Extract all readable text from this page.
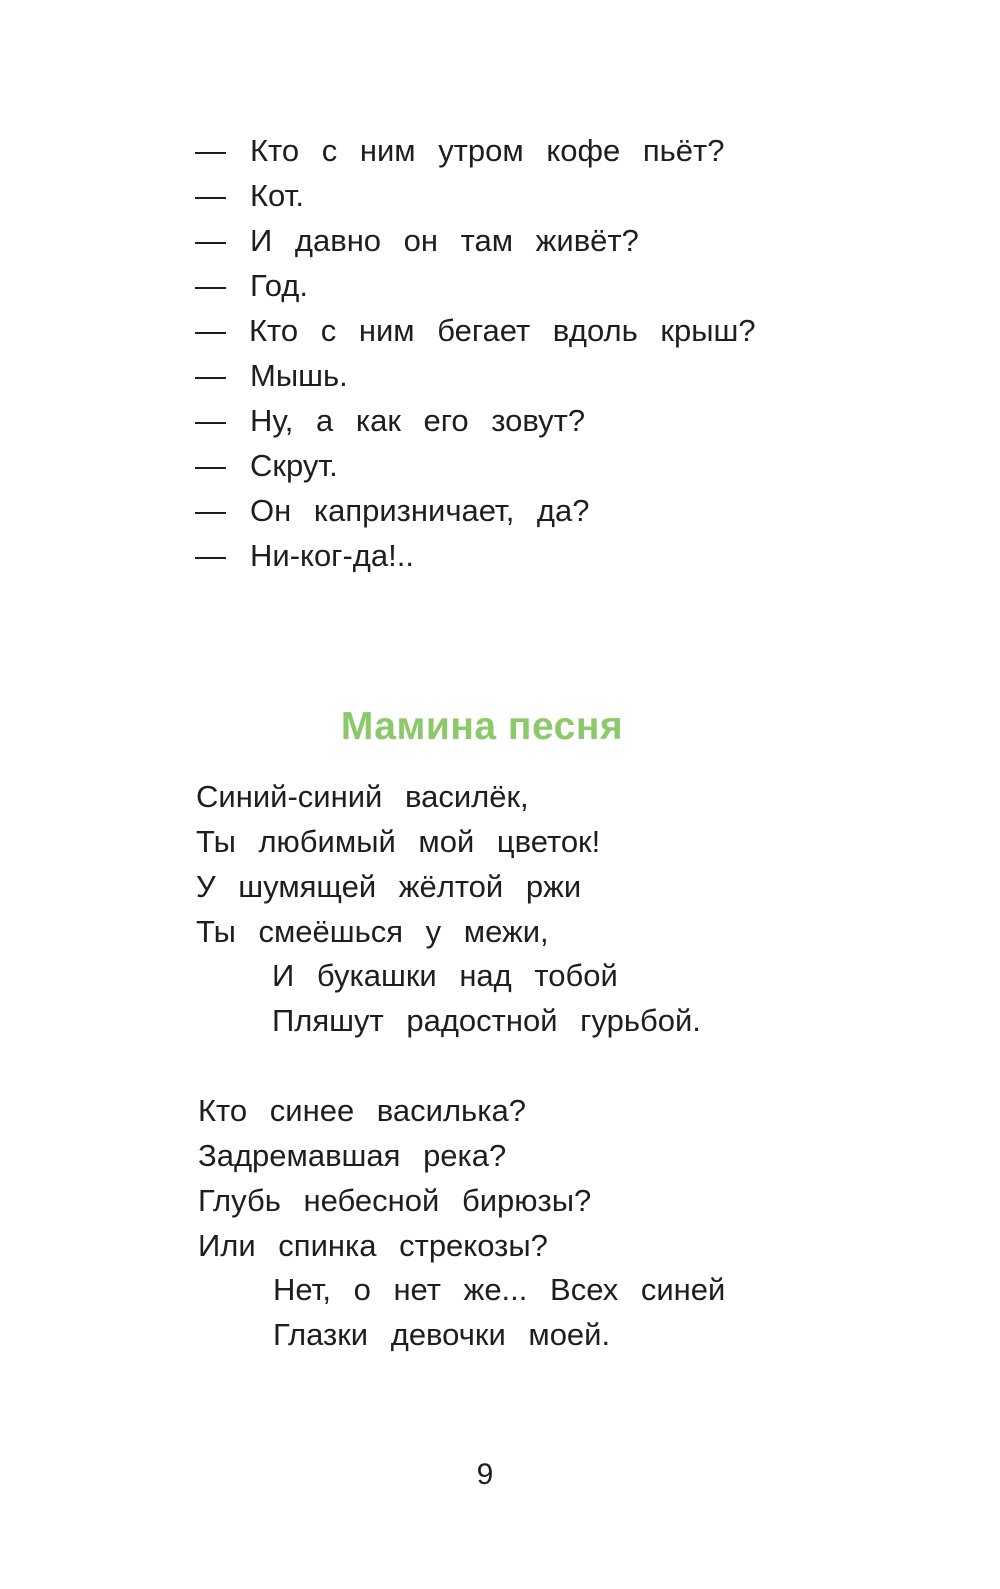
— Кто с ним утром кофе пьёт?
— Кот.
— И давно он там живёт?
— Год.
— Кто с ним бегает вдоль крыш?
— Мышь.
— Ну, а как его зовут?
— Скрут.
— Он капризничает, да?
— Ни-ког-да!..
Мамина песня
Синий-синий василёк,
Ты любимый мой цветок!
У шумящей жёлтой ржи
Ты смеёшься у межи,
И букашки над тобой
Пляшут радостной гурьбой.
Кто синее василька?
Задремавшая река?
Глубь небесной бирюзы?
Или спинка стрекозы?
Нет, о нет же... Всех синей
Глазки девочки моей.
9
